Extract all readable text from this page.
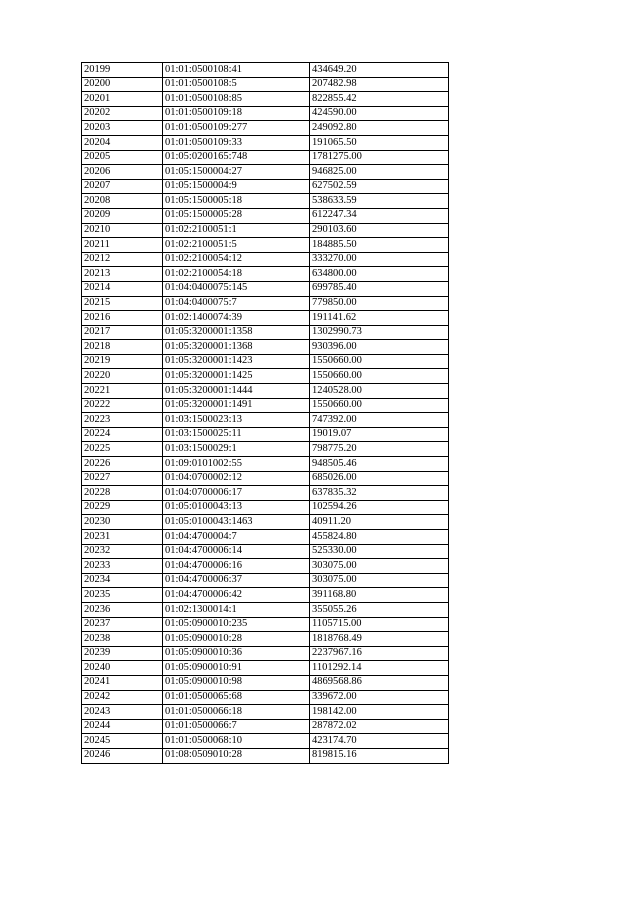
20199	01:01:0500108:41	434649.20
20200	01:01:0500108:5	207482.98
20201	01:01:0500108:85	822855.42
20202	01:01:0500109:18	424590.00
20203	01:01:0500109:277	249092.80
20204	01:01:0500109:33	191065.50
20205	01:05:0200165:748	1781275.00
20206	01:05:1500004:27	946825.00
20207	01:05:1500004:9	627502.59
20208	01:05:1500005:18	538633.59
20209	01:05:1500005:28	612247.34
20210	01:02:2100051:1	290103.60
20211	01:02:2100051:5	184885.50
20212	01:02:2100054:12	333270.00
20213	01:02:2100054:18	634800.00
20214	01:04:0400075:145	699785.40
20215	01:04:0400075:7	779850.00
20216	01:02:1400074:39	191141.62
20217	01:05:3200001:1358	1302990.73
20218	01:05:3200001:1368	930396.00
20219	01:05:3200001:1423	1550660.00
20220	01:05:3200001:1425	1550660.00
20221	01:05:3200001:1444	1240528.00
20222	01:05:3200001:1491	1550660.00
20223	01:03:1500023:13	747392.00
20224	01:03:1500025:11	19019.07
20225	01:03:1500029:1	798775.20
20226	01:09:0101002:55	948505.46
20227	01:04:0700002:12	685026.00
20228	01:04:0700006:17	637835.32
20229	01:05:0100043:13	102594.26
20230	01:05:0100043:1463	40911.20
20231	01:04:4700004:7	455824.80
20232	01:04:4700006:14	525330.00
20233	01:04:4700006:16	303075.00
20234	01:04:4700006:37	303075.00
20235	01:04:4700006:42	391168.80
20236	01:02:1300014:1	355055.26
20237	01:05:0900010:235	1105715.00
20238	01:05:0900010:28	1818768.49
20239	01:05:0900010:36	2237967.16
20240	01:05:0900010:91	1101292.14
20241	01:05:0900010:98	4869568.86
20242	01:01:0500065:68	339672.00
20243	01:01:0500066:18	198142.00
20244	01:01:0500066:7	287872.02
20245	01:01:0500068:10	423174.70
20246	01:08:0509010:28	819815.16
